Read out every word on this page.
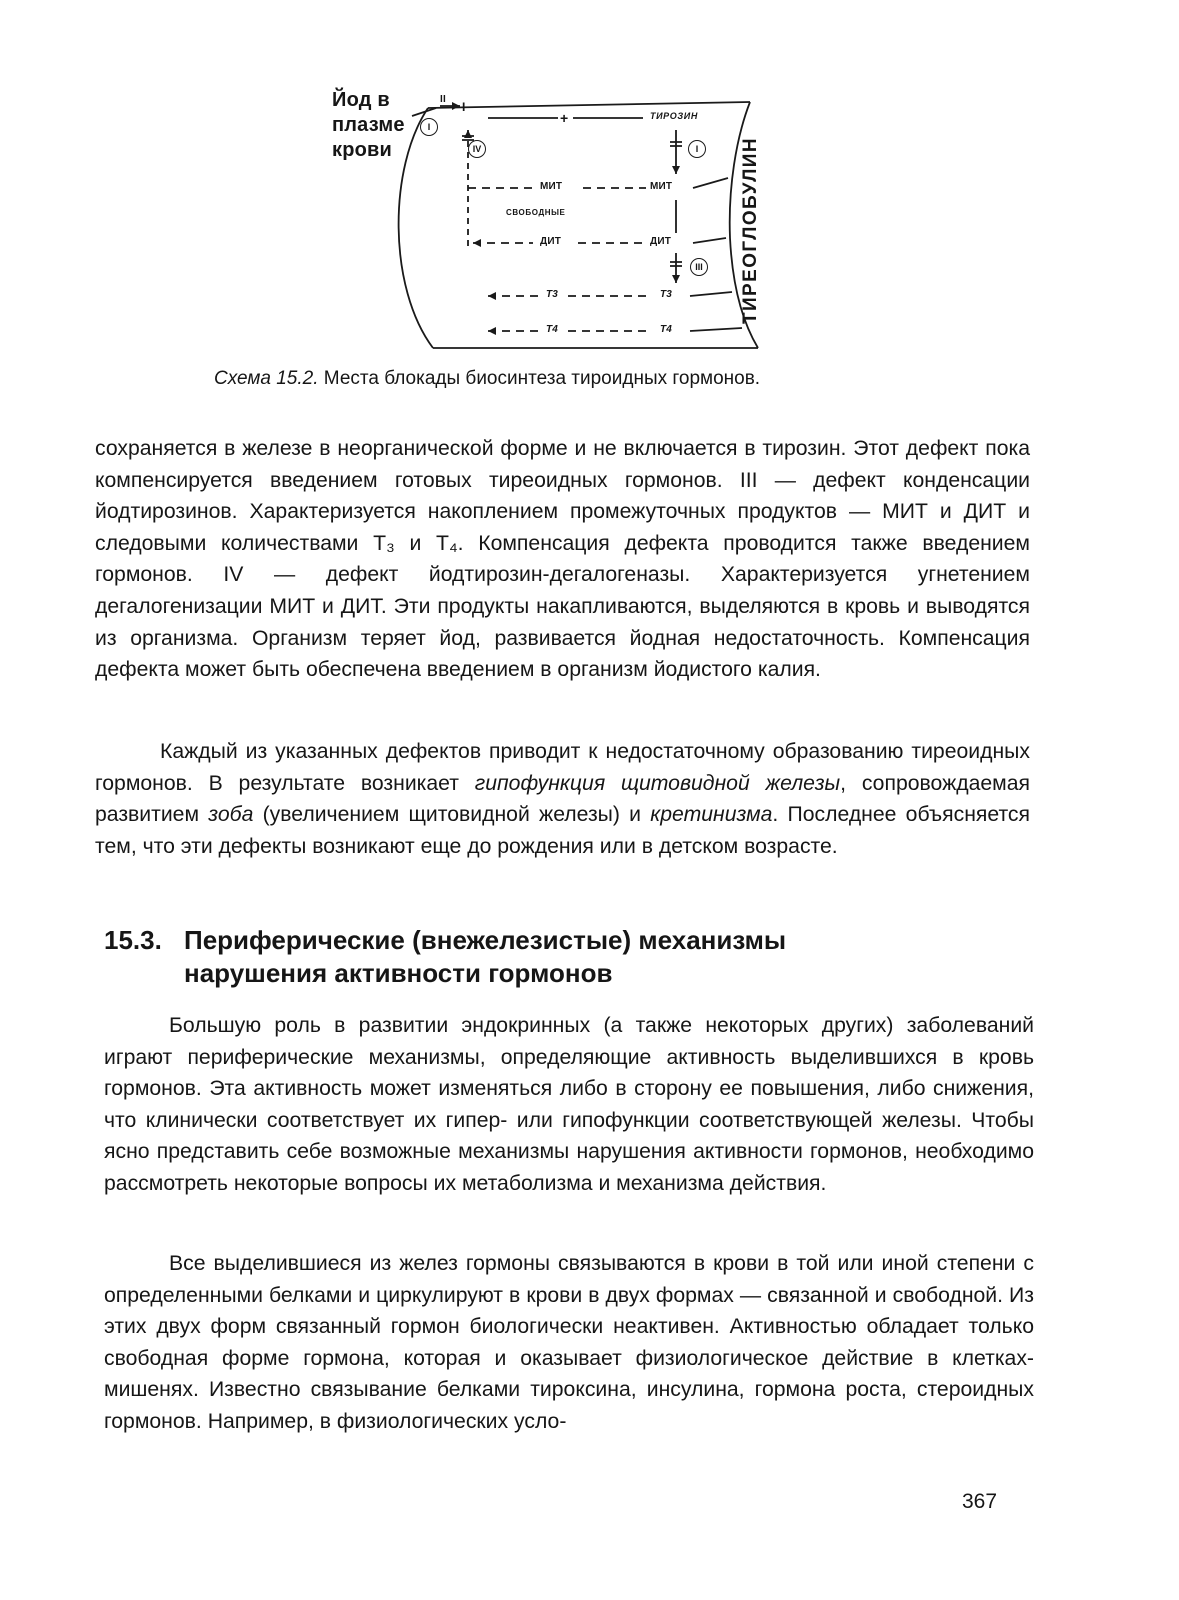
Йод в плазме крови
I
II
I
+	ТИРОЗИН
IV	I
МИТ	МИТ
СВОБОДНЫЕ
ДИТ	ДИТ
III
T3	T3
T4	T4
ТИРЕОГЛОБУЛИН
Схема 15.2. Места блокады биосинтеза тироидных гормонов.
сохраняется в железе в неорганической форме и не включается в тирозин. Этот дефект пока компенсируется введением готовых тиреоидных гормонов. III — дефект конденсации йодтирозинов. Характеризуется накоплением промежуточных продуктов — МИТ и ДИТ и следовыми количествами T₃ и T₄. Компенсация дефекта проводится также введением гормонов. IV — дефект йодтирозин-дегалогеназы. Характеризуется угнетением дегалогенизации МИТ и ДИТ. Эти продукты накапливаются, выделяются в кровь и выводятся из организма. Организм теряет йод, развивается йодная недостаточность. Компенсация дефекта может быть обеспечена введением в организм йодистого калия.
Каждый из указанных дефектов приводит к недостаточному образованию тиреоидных гормонов. В результате возникает гипофункция щитовидной железы, сопровождаемая развитием зоба (увеличением щитовидной железы) и кретинизма. Последнее объясняется тем, что эти дефекты возникают еще до рождения или в детском возрасте.
15.3. Периферические (внежелезистые) механизмы
нарушения активности гормонов
Большую роль в развитии эндокринных (а также некоторых других) заболеваний играют периферические механизмы, определяющие активность выделившихся в кровь гормонов. Эта активность может изменяться либо в сторону ее повышения, либо снижения, что клинически соответствует их гипер- или гипофункции соответствующей железы. Чтобы ясно представить себе возможные механизмы нарушения активности гормонов, необходимо рассмотреть некоторые вопросы их метаболизма и механизма действия.
Все выделившиеся из желез гормоны связываются в крови в той или иной степени с определенными белками и циркулируют в крови в двух формах — связанной и свободной. Из этих двух форм связанный гормон биологически неактивен. Активностью обладает только свободная форме гормона, которая и оказывает физиологическое действие в клетках-мишенях. Известно связывание белками тироксина, инсулина, гормона роста, стероидных гормонов. Например, в физиологических усло-
367
